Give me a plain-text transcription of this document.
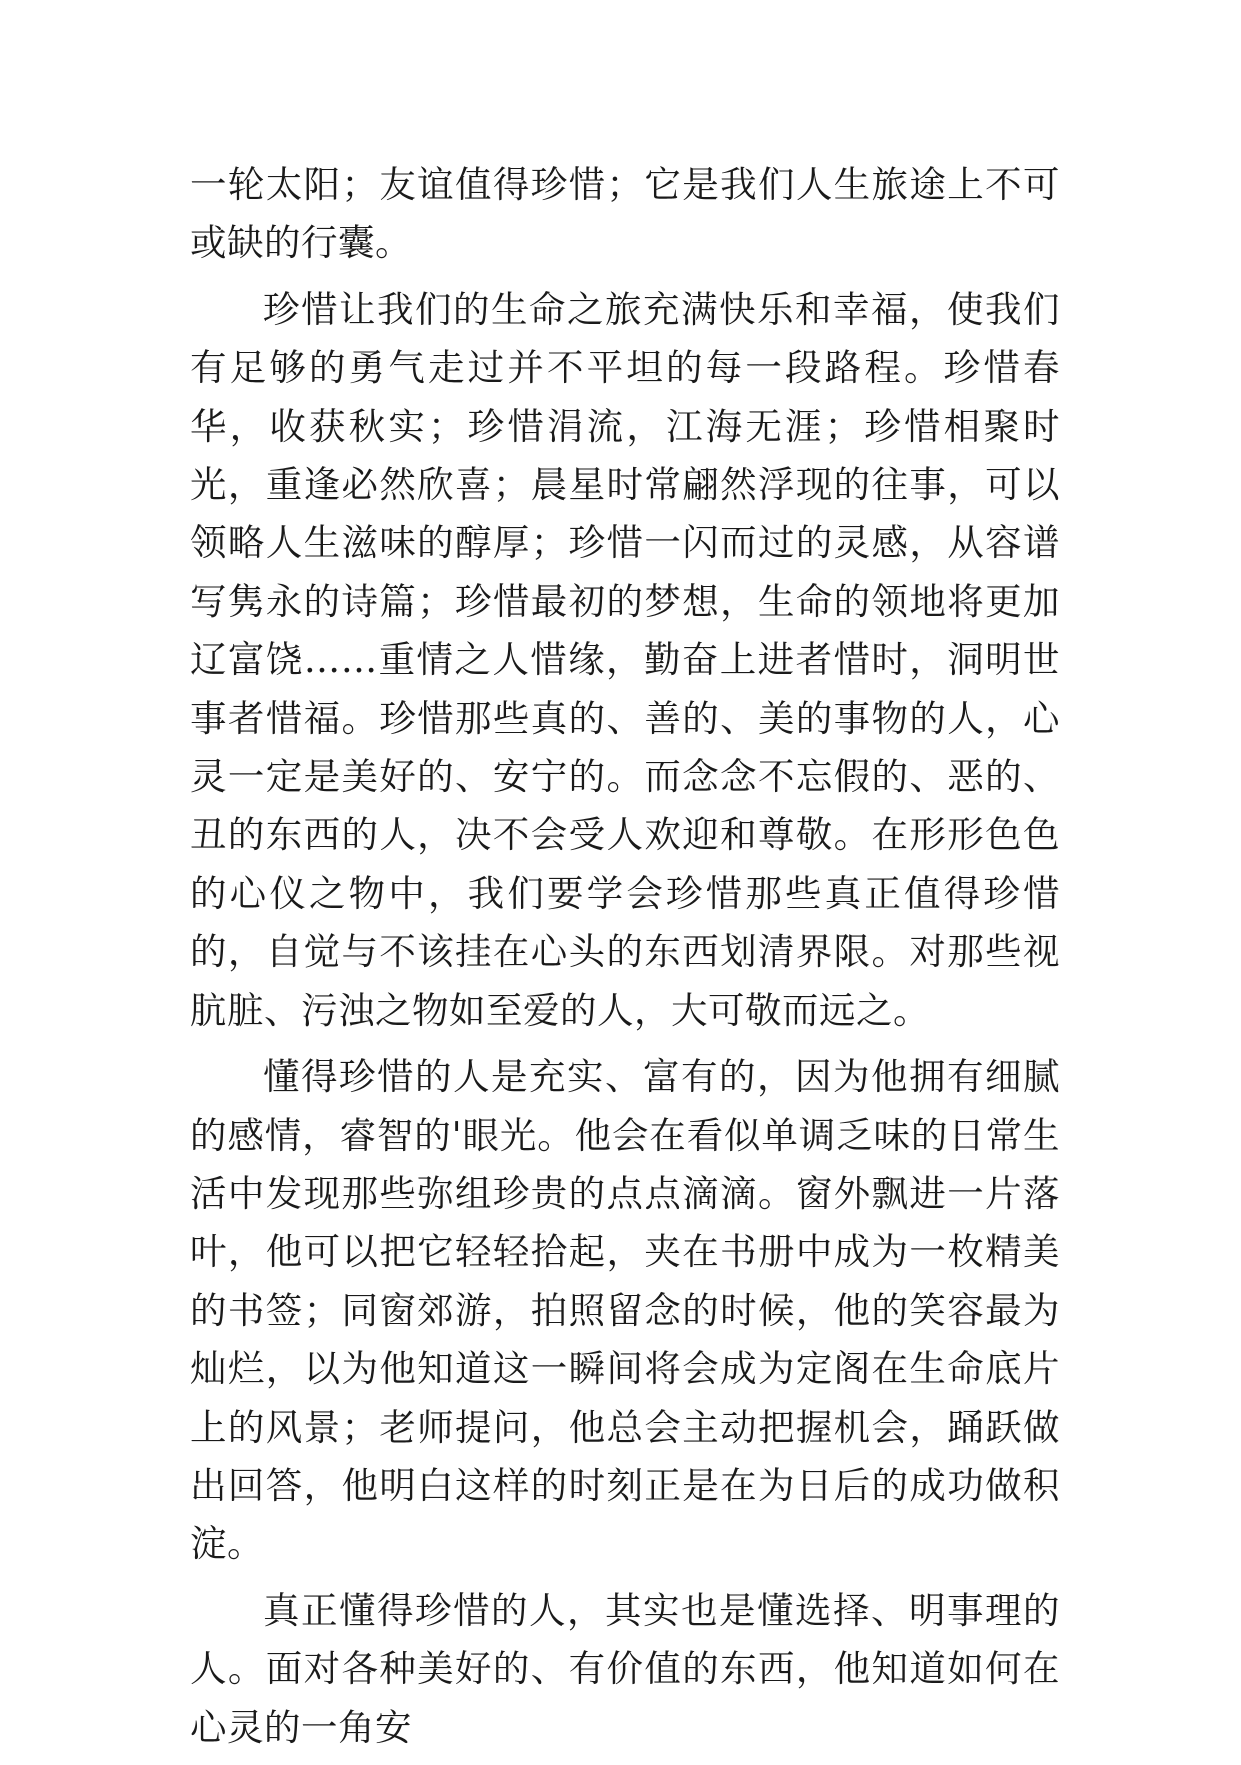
一轮太阳；友谊值得珍惜；它是我们人生旅途上不可或缺的行囊。

珍惜让我们的生命之旅充满快乐和幸福，使我们有足够的勇气走过并不平坦的每一段路程。珍惜春华，收获秋实；珍惜涓流，江海无涯；珍惜相聚时光，重逢必然欣喜；晨星时常翩然浮现的往事，可以领略人生滋味的醇厚；珍惜一闪而过的灵感，从容谱写隽永的诗篇；珍惜最初的梦想，生命的领地将更加辽富饶……重情之人惜缘，勤奋上进者惜时，洞明世事者惜福。珍惜那些真的、善的、美的事物的人，心灵一定是美好的、安宁的。而念念不忘假的、恶的、丑的东西的人，决不会受人欢迎和尊敬。在形形色色的心仪之物中，我们要学会珍惜那些真正值得珍惜的，自觉与不该挂在心头的东西划清界限。对那些视肮脏、污浊之物如至爱的人，大可敬而远之。

懂得珍惜的人是充实、富有的，因为他拥有细腻的感情，睿智的'眼光。他会在看似单调乏味的日常生活中发现那些弥组珍贵的点点滴滴。窗外飘进一片落叶，他可以把它轻轻拾起，夹在书册中成为一枚精美的书签；同窗郊游，拍照留念的时候，他的笑容最为灿烂，以为他知道这一瞬间将会成为定阁在生命底片上的风景；老师提问，他总会主动把握机会，踊跃做出回答，他明白这样的时刻正是在为日后的成功做积淀。

真正懂得珍惜的人，其实也是懂选择、明事理的人。面对各种美好的、有价值的东西，他知道如何在心灵的一角安
